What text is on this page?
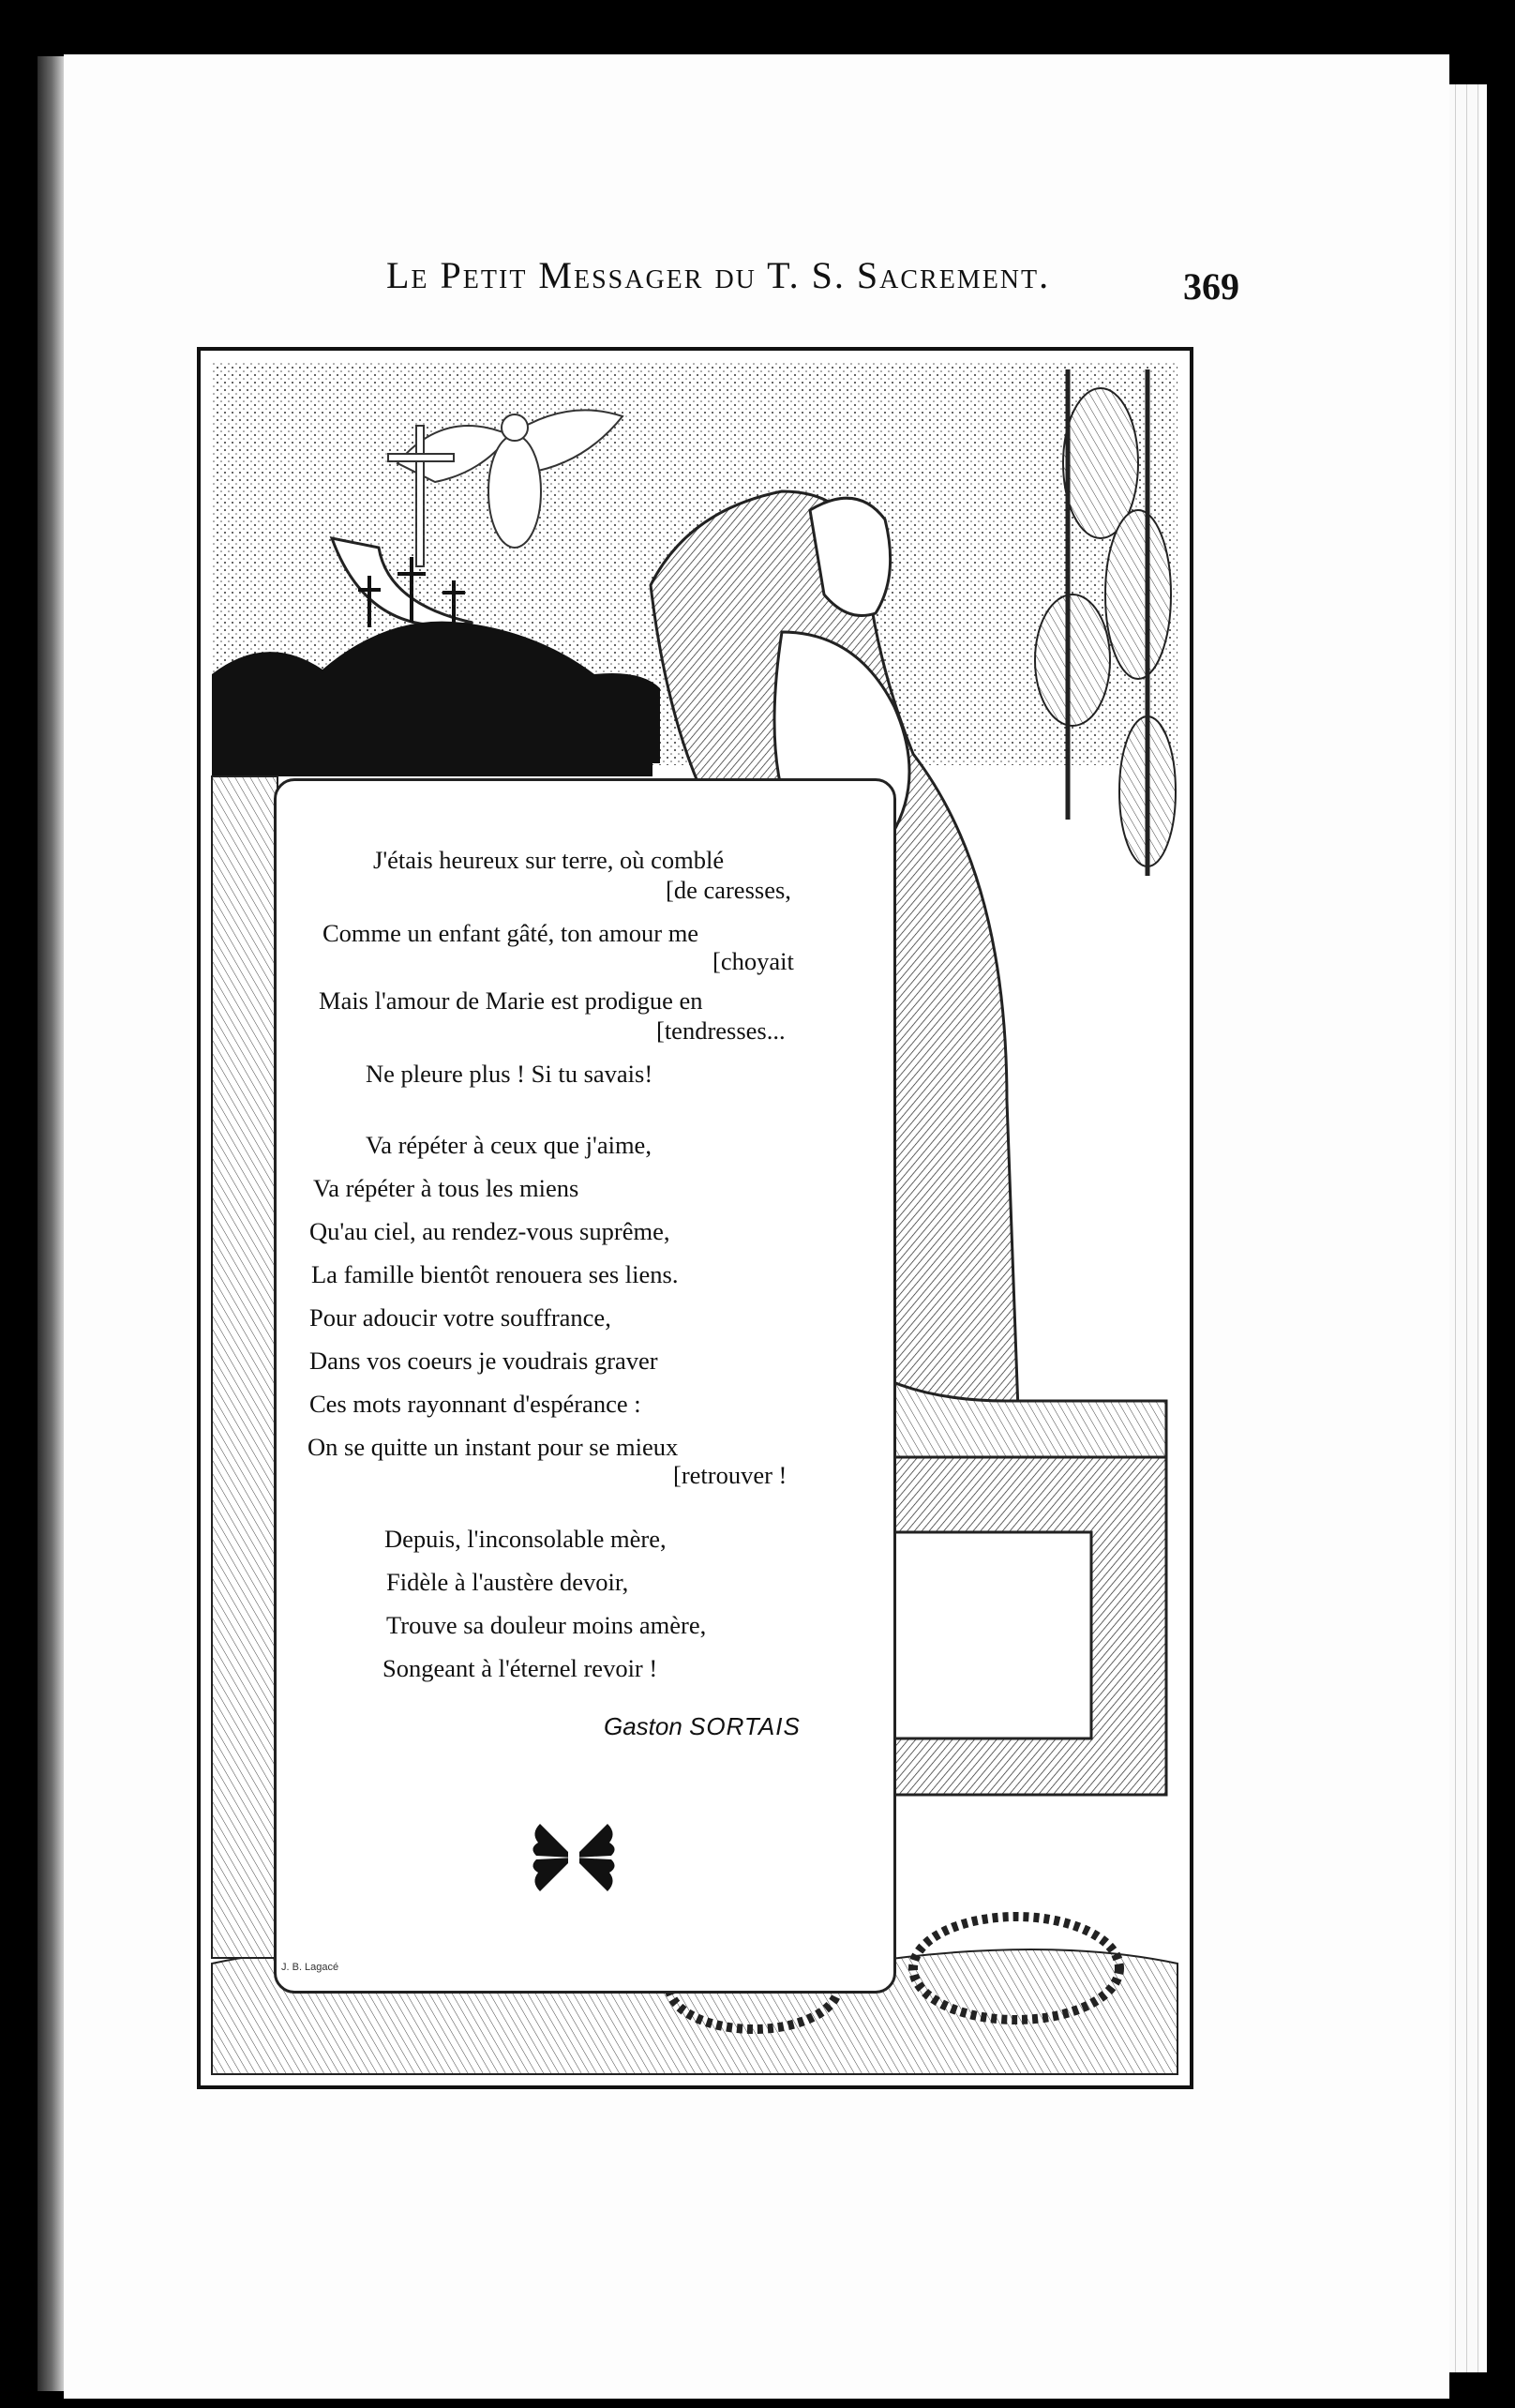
Le Petit Messager du T. S. Sacrement.	369
J'étais heureux sur terre, où comblé
[de caresses,
Comme un enfant gâté, ton amour me
[choyait
Mais l'amour de Marie est prodigue en
[tendresses...
Ne pleure plus ! Si tu savais!
Va répéter à ceux que j'aime,
Va répéter à tous les miens
Qu'au ciel, au rendez-vous suprême,
La famille bientôt renouera ses liens.
Pour adoucir votre souffrance,
Dans vos coeurs je voudrais graver
Ces mots rayonnant d'espérance :
On se quitte un instant pour se mieux
[retrouver !
Depuis, l'inconsolable mère,
Fidèle à l'austère devoir,
Trouve sa douleur moins amère,
Songeant à l'éternel revoir !
Gaston SORTAIS
J. B. Lagacé
